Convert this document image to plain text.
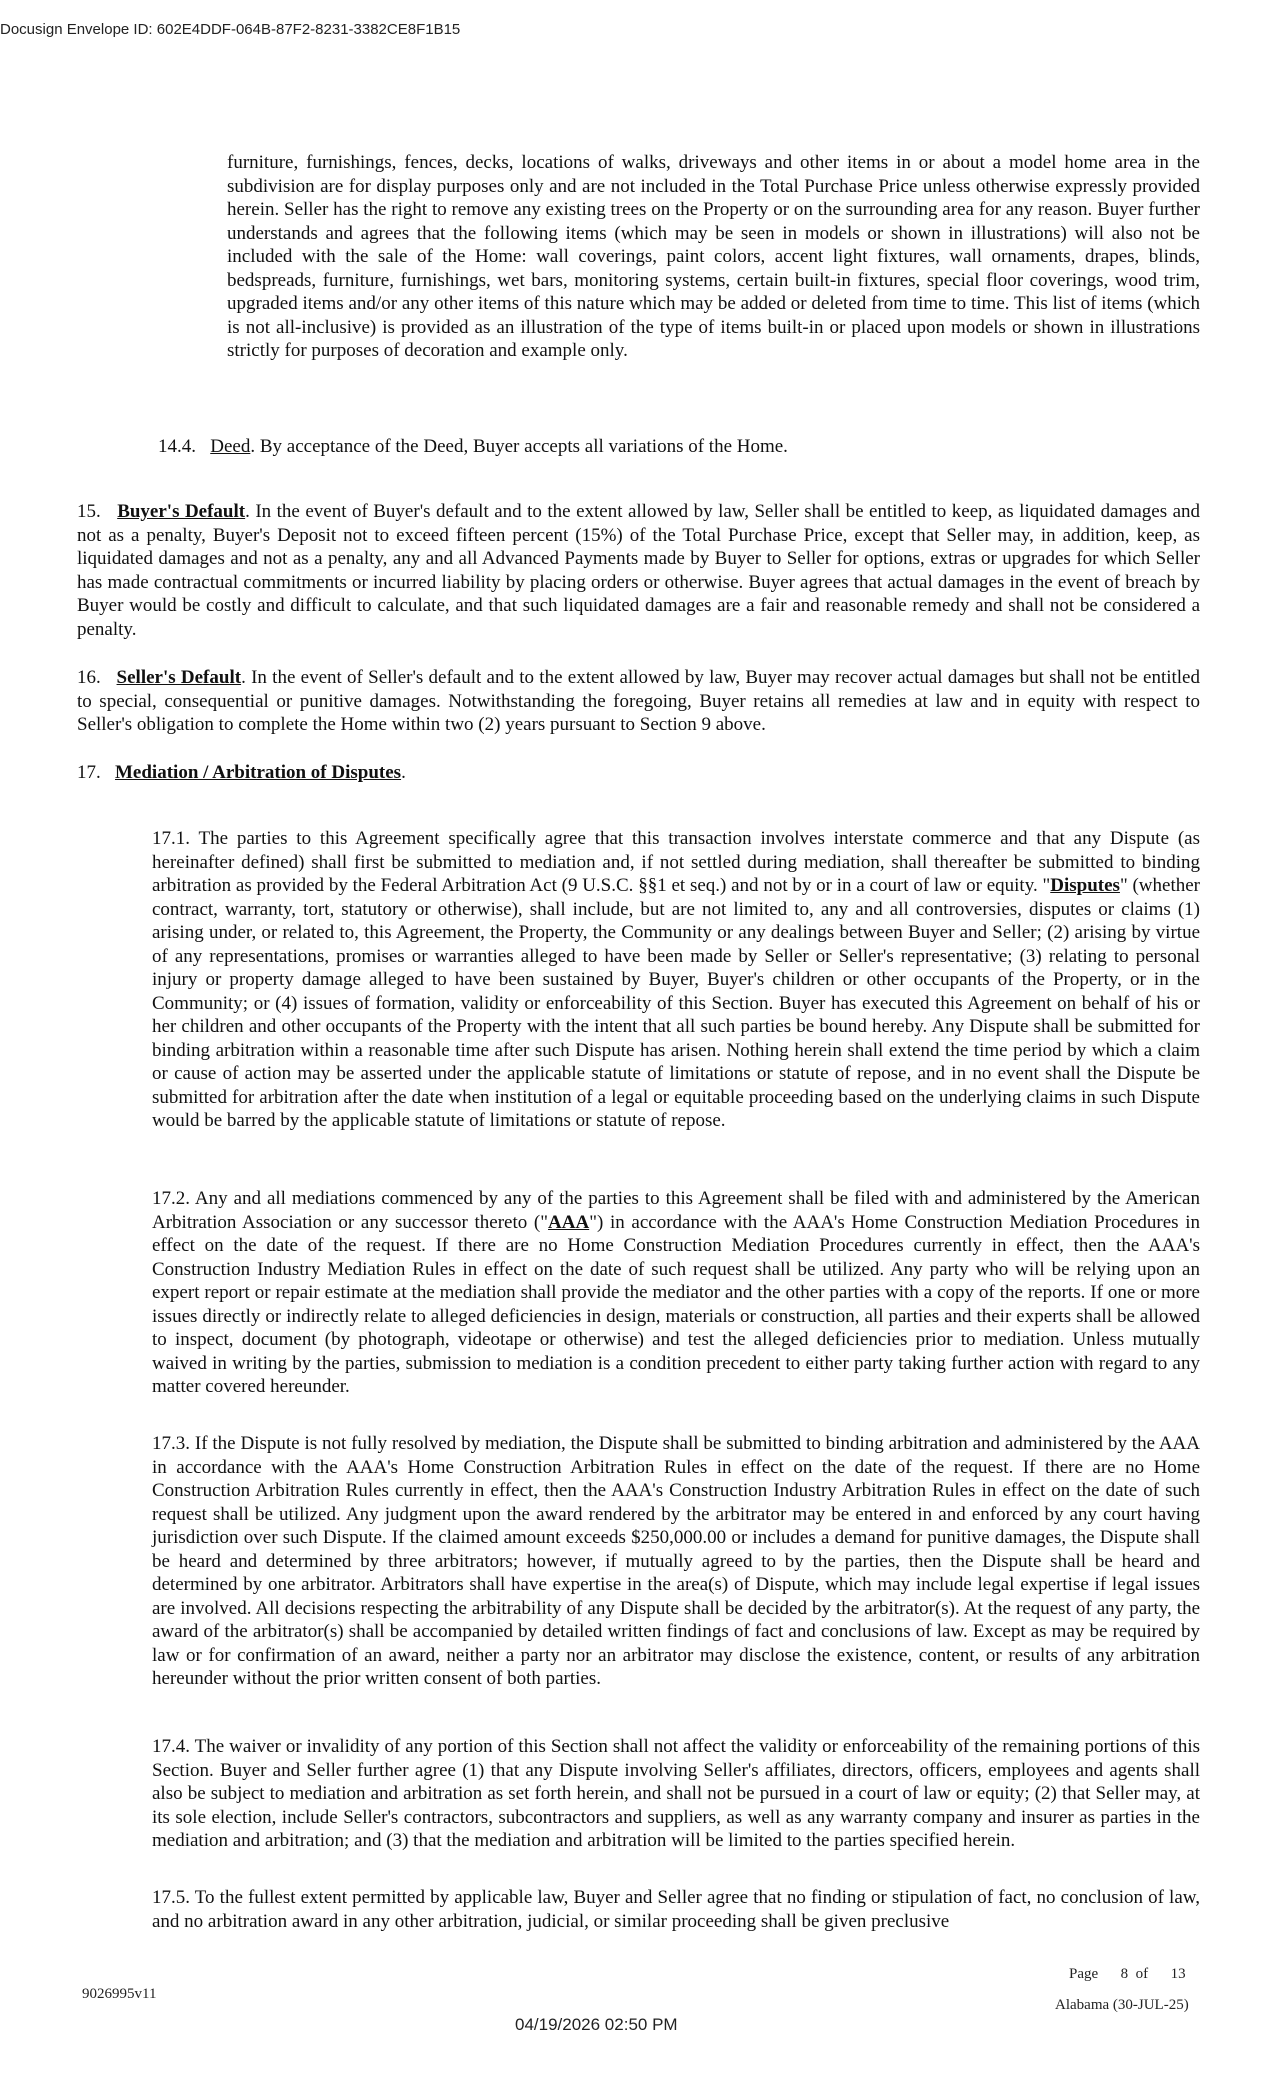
Docusign Envelope ID: 602E4DDF-064B-87F2-8231-3382CE8F1B15

furniture, furnishings, fences, decks, locations of walks, driveways and other items in or about a model home area in the subdivision are for display purposes only and are not included in the Total Purchase Price unless otherwise expressly provided herein. Seller has the right to remove any existing trees on the Property or on the surrounding area for any reason. Buyer further understands and agrees that the following items (which may be seen in models or shown in illustrations) will also not be included with the sale of the Home: wall coverings, paint colors, accent light fixtures, wall ornaments, drapes, blinds, bedspreads, furniture, furnishings, wet bars, monitoring systems, certain built-in fixtures, special floor coverings, wood trim, upgraded items and/or any other items of this nature which may be added or deleted from time to time. This list of items (which is not all-inclusive) is provided as an illustration of the type of items built-in or placed upon models or shown in illustrations strictly for purposes of decoration and example only.

14.4. Deed. By acceptance of the Deed, Buyer accepts all variations of the Home.

15. Buyer's Default. In the event of Buyer's default and to the extent allowed by law, Seller shall be entitled to keep, as liquidated damages and not as a penalty, Buyer's Deposit not to exceed fifteen percent (15%) of the Total Purchase Price, except that Seller may, in addition, keep, as liquidated damages and not as a penalty, any and all Advanced Payments made by Buyer to Seller for options, extras or upgrades for which Seller has made contractual commitments or incurred liability by placing orders or otherwise. Buyer agrees that actual damages in the event of breach by Buyer would be costly and difficult to calculate, and that such liquidated damages are a fair and reasonable remedy and shall not be considered a penalty.

16. Seller's Default. In the event of Seller's default and to the extent allowed by law, Buyer may recover actual damages but shall not be entitled to special, consequential or punitive damages. Notwithstanding the foregoing, Buyer retains all remedies at law and in equity with respect to Seller's obligation to complete the Home within two (2) years pursuant to Section 9 above.

17. Mediation / Arbitration of Disputes.

17.1. The parties to this Agreement specifically agree that this transaction involves interstate commerce and that any Dispute (as hereinafter defined) shall first be submitted to mediation and, if not settled during mediation, shall thereafter be submitted to binding arbitration as provided by the Federal Arbitration Act (9 U.S.C. §§1 et seq.) and not by or in a court of law or equity. "Disputes" (whether contract, warranty, tort, statutory or otherwise), shall include, but are not limited to, any and all controversies, disputes or claims (1) arising under, or related to, this Agreement, the Property, the Community or any dealings between Buyer and Seller; (2) arising by virtue of any representations, promises or warranties alleged to have been made by Seller or Seller's representative; (3) relating to personal injury or property damage alleged to have been sustained by Buyer, Buyer's children or other occupants of the Property, or in the Community; or (4) issues of formation, validity or enforceability of this Section. Buyer has executed this Agreement on behalf of his or her children and other occupants of the Property with the intent that all such parties be bound hereby. Any Dispute shall be submitted for binding arbitration within a reasonable time after such Dispute has arisen. Nothing herein shall extend the time period by which a claim or cause of action may be asserted under the applicable statute of limitations or statute of repose, and in no event shall the Dispute be submitted for arbitration after the date when institution of a legal or equitable proceeding based on the underlying claims in such Dispute would be barred by the applicable statute of limitations or statute of repose.

17.2. Any and all mediations commenced by any of the parties to this Agreement shall be filed with and administered by the American Arbitration Association or any successor thereto ("AAA") in accordance with the AAA's Home Construction Mediation Procedures in effect on the date of the request. If there are no Home Construction Mediation Procedures currently in effect, then the AAA's Construction Industry Mediation Rules in effect on the date of such request shall be utilized. Any party who will be relying upon an expert report or repair estimate at the mediation shall provide the mediator and the other parties with a copy of the reports. If one or more issues directly or indirectly relate to alleged deficiencies in design, materials or construction, all parties and their experts shall be allowed to inspect, document (by photograph, videotape or otherwise) and test the alleged deficiencies prior to mediation. Unless mutually waived in writing by the parties, submission to mediation is a condition precedent to either party taking further action with regard to any matter covered hereunder.

17.3. If the Dispute is not fully resolved by mediation, the Dispute shall be submitted to binding arbitration and administered by the AAA in accordance with the AAA's Home Construction Arbitration Rules in effect on the date of the request. If there are no Home Construction Arbitration Rules currently in effect, then the AAA's Construction Industry Arbitration Rules in effect on the date of such request shall be utilized. Any judgment upon the award rendered by the arbitrator may be entered in and enforced by any court having jurisdiction over such Dispute. If the claimed amount exceeds $250,000.00 or includes a demand for punitive damages, the Dispute shall be heard and determined by three arbitrators; however, if mutually agreed to by the parties, then the Dispute shall be heard and determined by one arbitrator. Arbitrators shall have expertise in the area(s) of Dispute, which may include legal expertise if legal issues are involved. All decisions respecting the arbitrability of any Dispute shall be decided by the arbitrator(s). At the request of any party, the award of the arbitrator(s) shall be accompanied by detailed written findings of fact and conclusions of law. Except as may be required by law or for confirmation of an award, neither a party nor an arbitrator may disclose the existence, content, or results of any arbitration hereunder without the prior written consent of both parties.

17.4. The waiver or invalidity of any portion of this Section shall not affect the validity or enforceability of the remaining portions of this Section. Buyer and Seller further agree (1) that any Dispute involving Seller's affiliates, directors, officers, employees and agents shall also be subject to mediation and arbitration as set forth herein, and shall not be pursued in a court of law or equity; (2) that Seller may, at its sole election, include Seller's contractors, subcontractors and suppliers, as well as any warranty company and insurer as parties in the mediation and arbitration; and (3) that the mediation and arbitration will be limited to the parties specified herein.

17.5. To the fullest extent permitted by applicable law, Buyer and Seller agree that no finding or stipulation of fact, no conclusion of law, and no arbitration award in any other arbitration, judicial, or similar proceeding shall be given preclusive

Page 8 of 13
9026995v11
Alabama (30-JUL-25)
04/19/2026 02:50 PM
